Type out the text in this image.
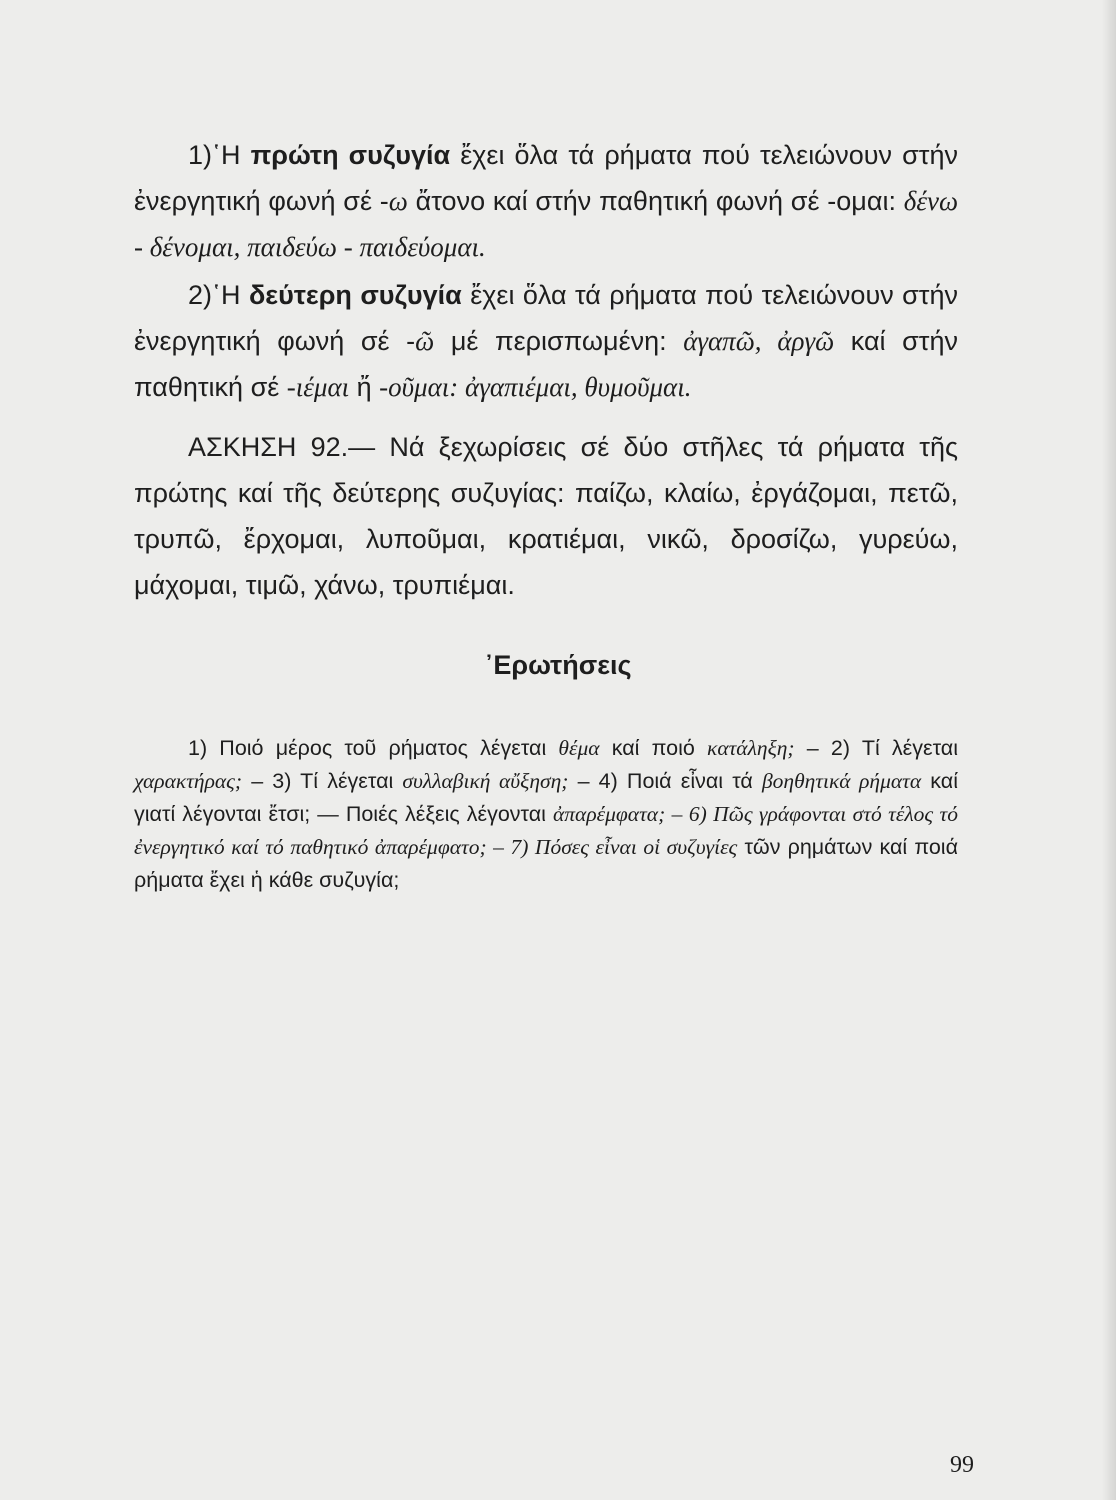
1)῾Η πρώτη συζυγία ἔχει ὅλα τά ρήματα πού τελειώνουν στήν ἐνεργητική φωνή σέ -ω ἄτονο καί στήν παθητική φωνή σέ -ομαι: δένω - δένομαι, παιδεύω - παιδεύομαι.

2)῾Η δεύτερη συζυγία ἔχει ὅλα τά ρήματα πού τελειώνουν στήν ἐνεργητική φωνή σέ -ῶ μέ περισπωμένη: ἀγαπῶ, ἀργῶ καί στήν παθητική σέ -ιέμαι ἤ -οῦμαι: ἀγαπιέμαι, θυμοῦμαι.

ΑΣΚΗΣΗ 92.— Νά ξεχωρίσεις σέ δύο στῆλες τά ρήματα τῆς πρώτης καί τῆς δεύτερης συζυγίας: παίζω, κλαίω, ἐργάζομαι, πετῶ, τρυπῶ, ἔρχομαι, λυποῦμαι, κρατιέμαι, νικῶ, δροσίζω, γυρεύω, μάχομαι, τιμῶ, χάνω, τρυπιέμαι.

᾿Ερωτήσεις

1) Ποιό μέρος τοῦ ρήματος λέγεται θέμα καί ποιό κατάληξη; – 2) Τί λέγεται χαρακτήρας; – 3) Τί λέγεται συλλαβική αὔξηση; – 4) Ποιά εἶναι τά βοηθητικά ρήματα καί γιατί λέγονται ἔτσι; — Ποιές λέξεις λέγονται ἀπαρέμφατα; – 6) Πῶς γράφονται στό τέλος τό ἐνεργητικό καί τό παθητικό ἀπαρέμφατο; – 7) Πόσες εἶναι οἱ συζυγίες τῶν ρημάτων καί ποιά ρήματα ἔχει ἡ κάθε συζυγία;

99
